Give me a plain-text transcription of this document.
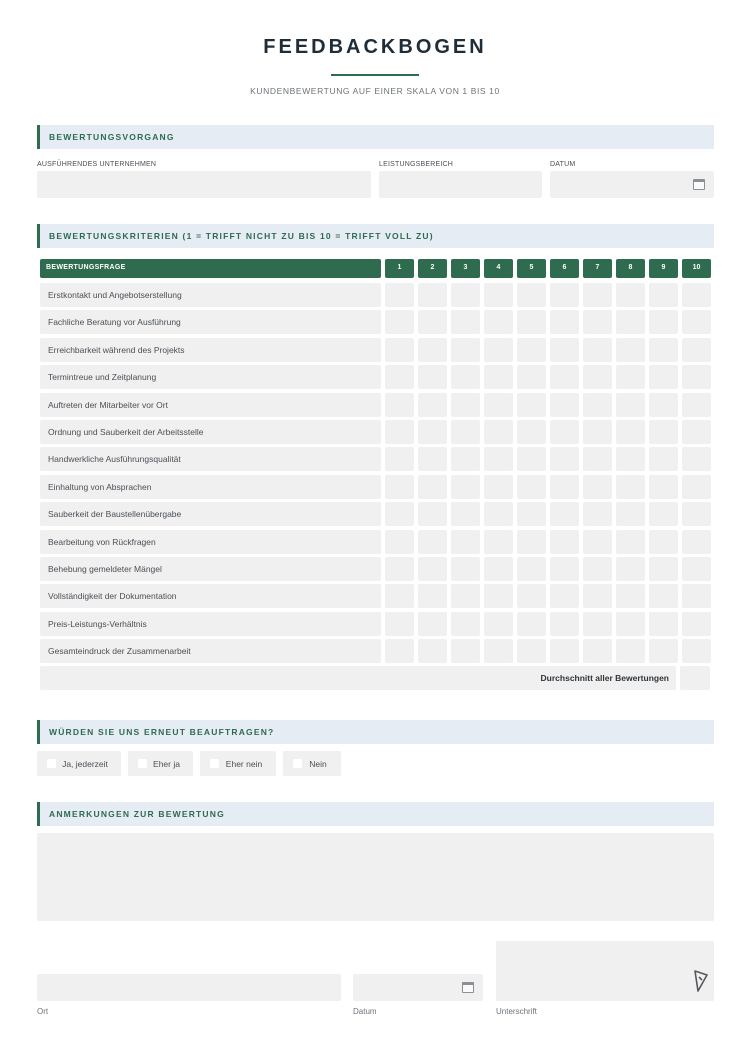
FEEDBACKBOGEN
KUNDENBEWERTUNG AUF EINER SKALA VON 1 BIS 10
BEWERTUNGSVORGANG
AUSFÜHRENDES UNTERNEHMEN	LEISTUNGSBEREICH	DATUM
BEWERTUNGSKRITERIEN (1 = TRIFFT NICHT ZU BIS 10 = TRIFFT VOLL ZU)
BEWERTUNGSFRAGE	1	2	3	4	5	6	7	8	9	10
Erstkontakt und Angebotserstellung
Fachliche Beratung vor Ausführung
Erreichbarkeit während des Projekts
Termintreue und Zeitplanung
Auftreten der Mitarbeiter vor Ort
Ordnung und Sauberkeit der Arbeitsstelle
Handwerkliche Ausführungsqualität
Einhaltung von Absprachen
Sauberkeit der Baustellenübergabe
Bearbeitung von Rückfragen
Behebung gemeldeter Mängel
Vollständigkeit der Dokumentation
Preis-Leistungs-Verhältnis
Gesamteindruck der Zusammenarbeit
Durchschnitt aller Bewertungen
WÜRDEN SIE UNS ERNEUT BEAUFTRAGEN?
Ja, jederzeit	Eher ja	Eher nein	Nein
ANMERKUNGEN ZUR BEWERTUNG
Ort	Datum	Unterschrift
